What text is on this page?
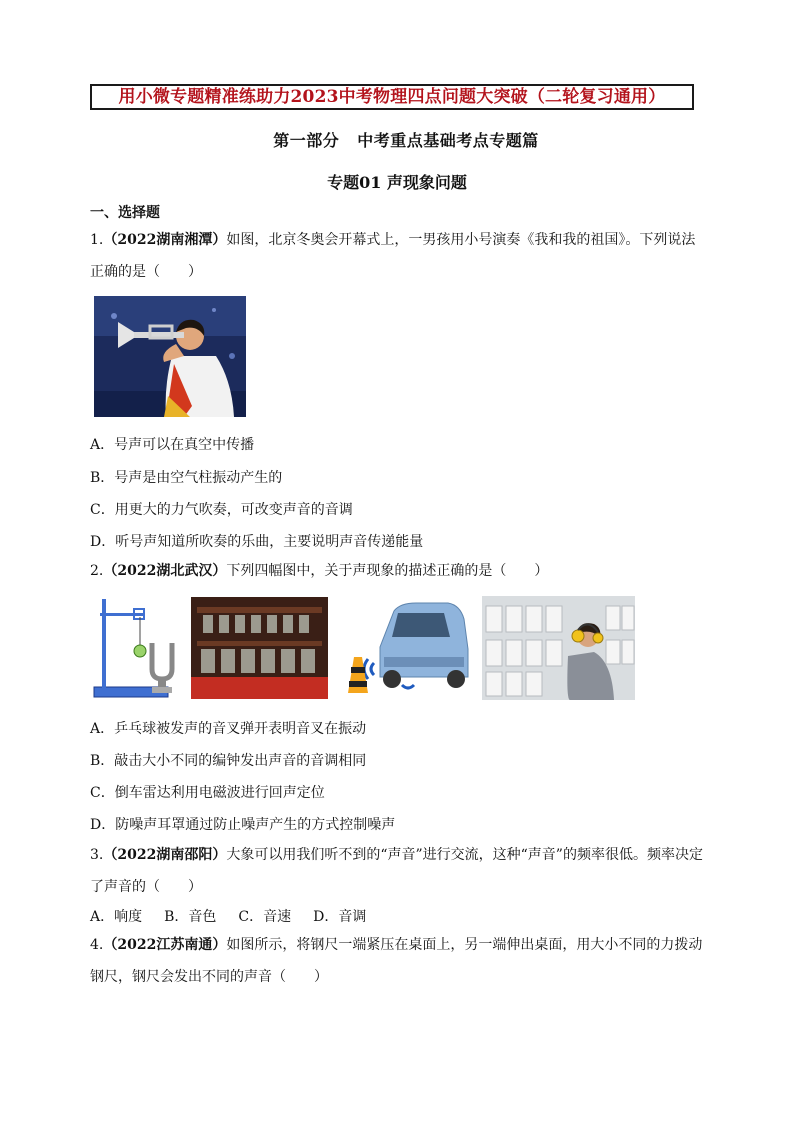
用小微专题精准练助力2023中考物理四点问题大突破（二轮复习通用）
第一部分 中考重点基础考点专题篇
专题01 声现象问题
一、选择题
1.（2022湖南湘潭）如图，北京冬奥会开幕式上，一男孩用小号演奏《我和我的祖国》。下列说法正确的是（　　）
A．号声可以在真空中传播
B．号声是由空气柱振动产生的
C．用更大的力气吹奏，可改变声音的音调
D．听号声知道所吹奏的乐曲，主要说明声音传递能量
2.（2022湖北武汉）下列四幅图中，关于声现象的描述正确的是（　　）
A．乒乓球被发声的音叉弹开表明音叉在振动
B．敲击大小不同的编钟发出声音的音调相同
C．倒车雷达利用电磁波进行回声定位
D．防噪声耳罩通过防止噪声产生的方式控制噪声
3.（2022湖南邵阳）大象可以用我们听不到的“声音”进行交流，这种“声音”的频率很低。频率决定了声音的（　　）
A．响度 B．音色 C．音速 D．音调
4.（2022江苏南通）如图所示，将钢尺一端紧压在桌面上，另一端伸出桌面，用大小不同的力拨动钢尺，钢尺会发出不同的声音（　　）
